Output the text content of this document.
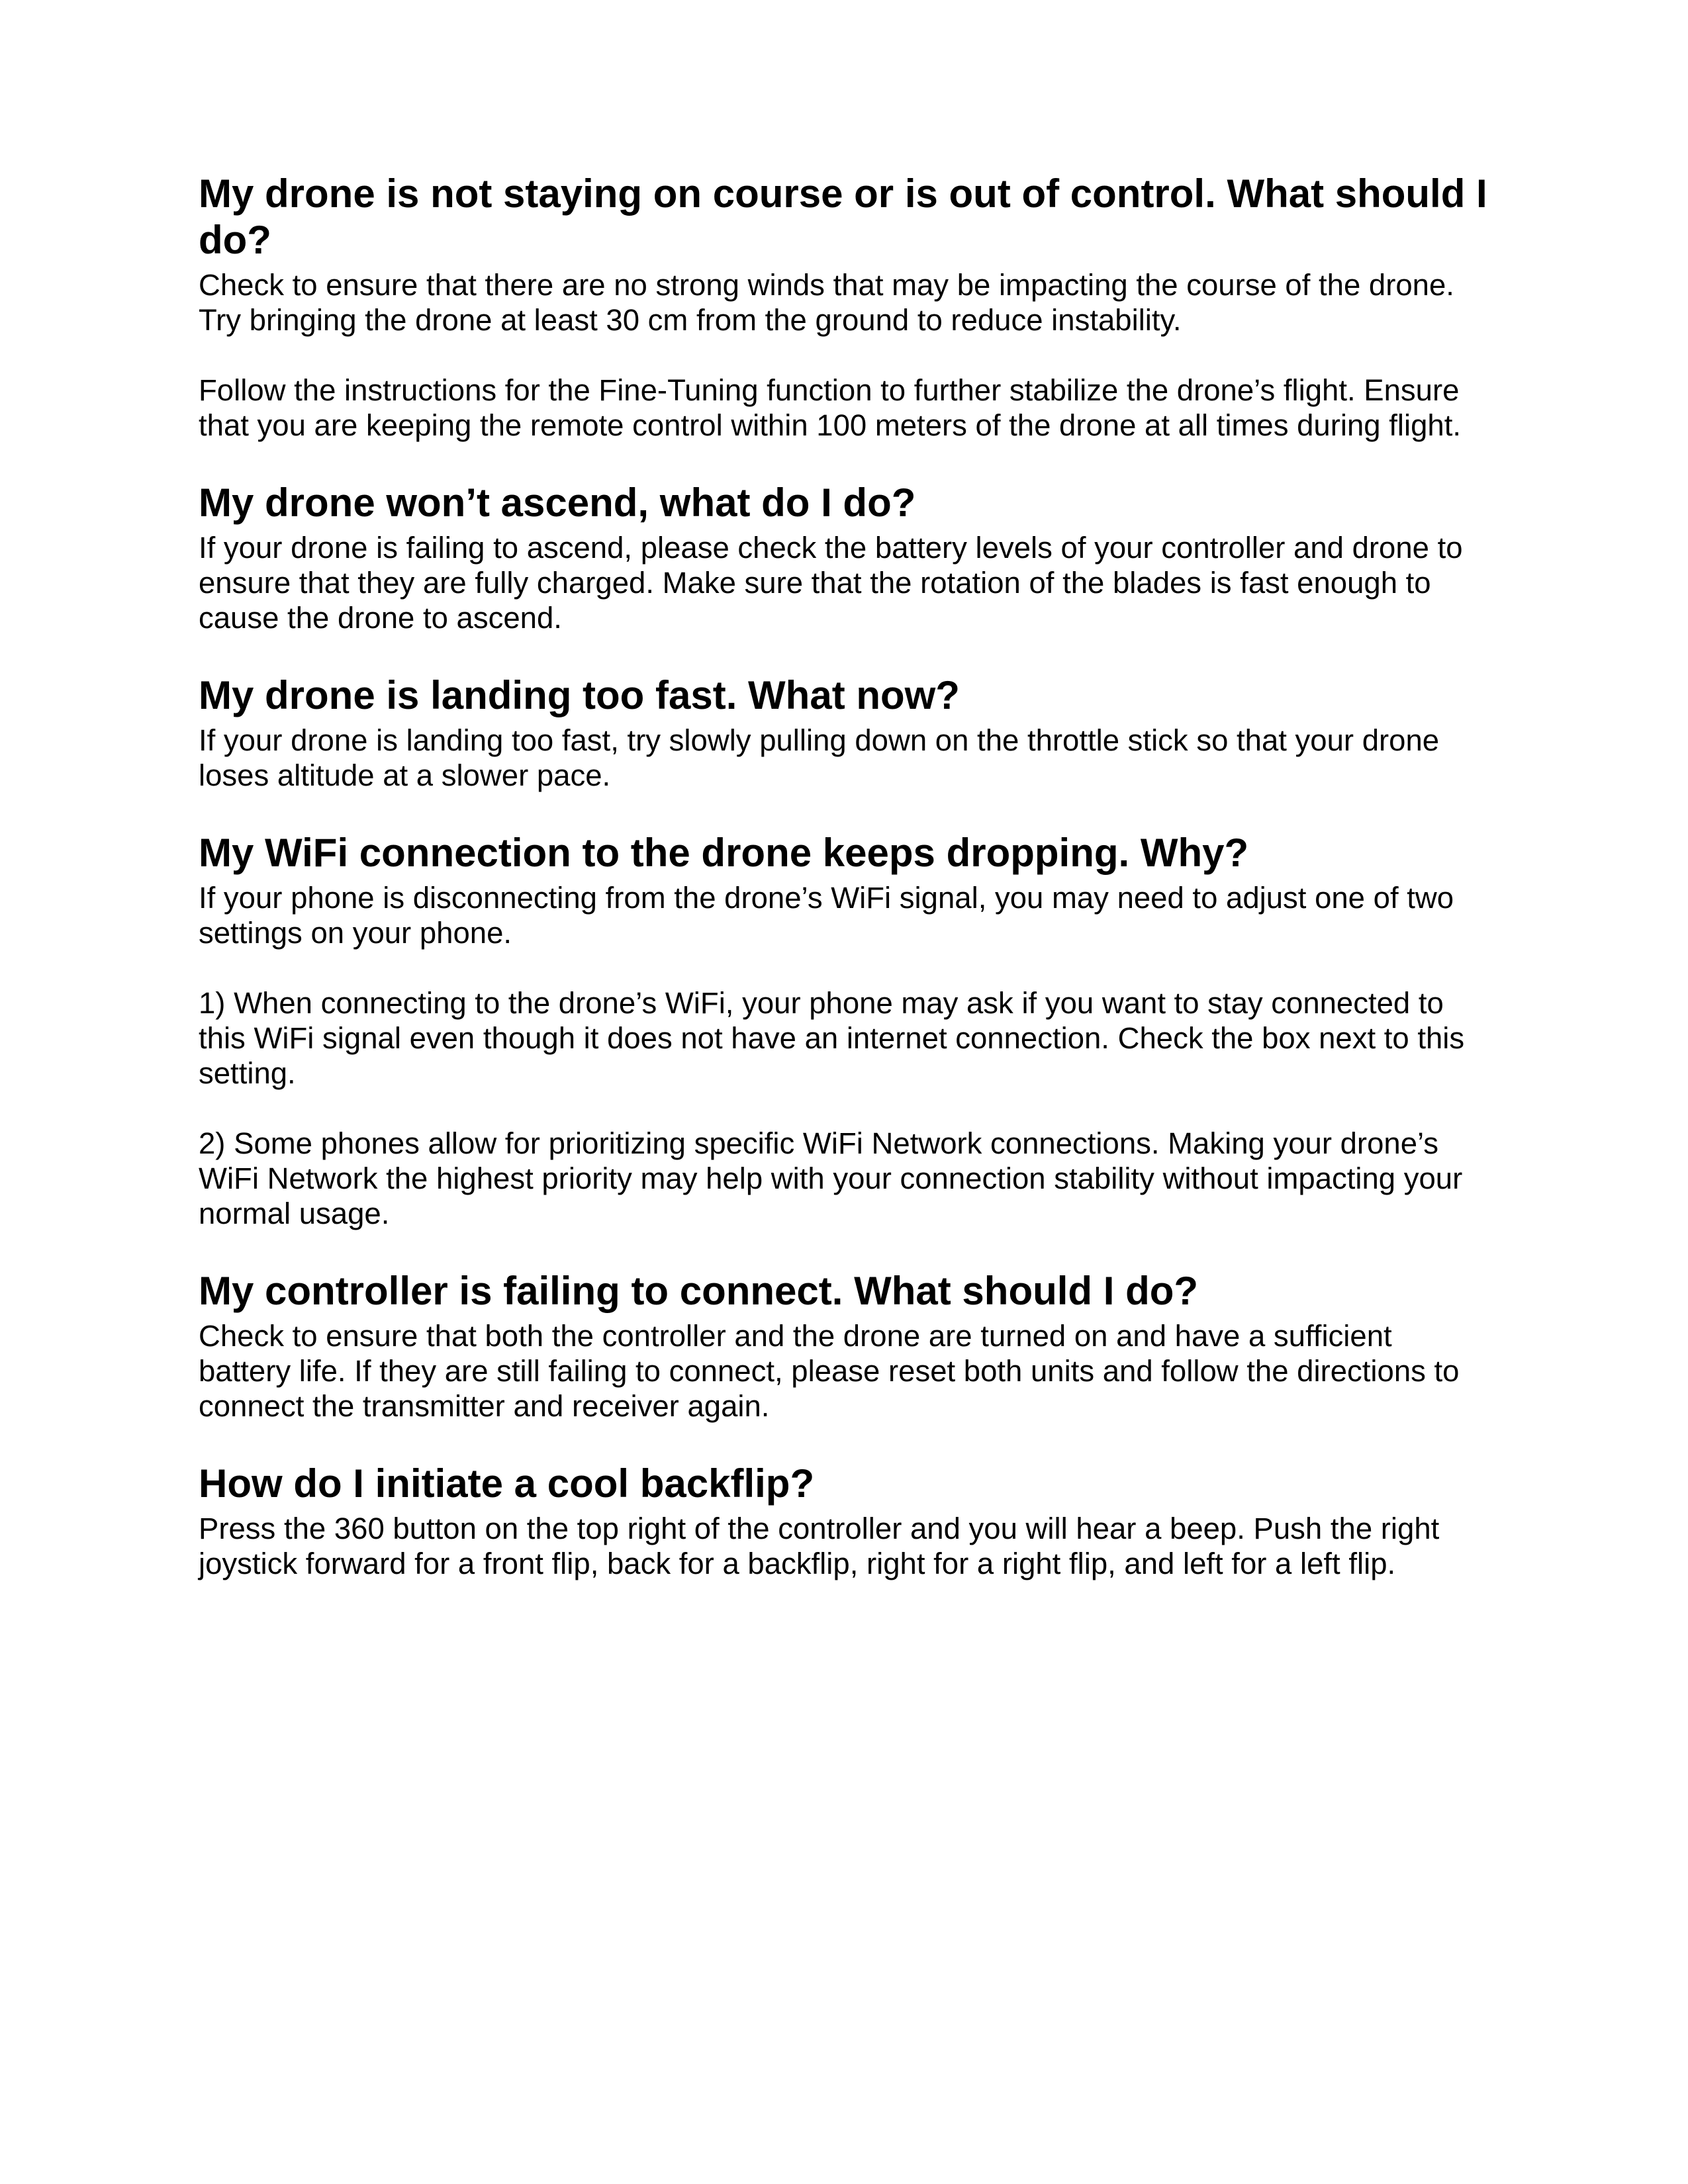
My drone is not staying on course or is out of control. What should I do?

Check to ensure that there are no strong winds that may be impacting the course of the drone. Try bringing the drone at least 30 cm from the ground to reduce instability.

Follow the instructions for the Fine-Tuning function to further stabilize the drone’s flight. Ensure that you are keeping the remote control within 100 meters of the drone at all times during flight.

My drone won’t ascend, what do I do?

If your drone is failing to ascend, please check the battery levels of your controller and drone to ensure that they are fully charged. Make sure that the rotation of the blades is fast enough to cause the drone to ascend.

My drone is landing too fast. What now?

If your drone is landing too fast, try slowly pulling down on the throttle stick so that your drone loses altitude at a slower pace.

My WiFi connection to the drone keeps dropping. Why?

If your phone is disconnecting from the drone’s WiFi signal, you may need to adjust one of two settings on your phone.

1) When connecting to the drone’s WiFi, your phone may ask if you want to stay connected to this WiFi signal even though it does not have an internet connection. Check the box next to this setting.

2) Some phones allow for prioritizing specific WiFi Network connections. Making your drone’s WiFi Network the highest priority may help with your connection stability without impacting your normal usage.

My controller is failing to connect. What should I do?

Check to ensure that both the controller and the drone are turned on and have a sufficient battery life. If they are still failing to connect, please reset both units and follow the directions to connect the transmitter and receiver again.

How do I initiate a cool backflip?

Press the 360 button on the top right of the controller and you will hear a beep. Push the right joystick forward for a front flip, back for a backflip, right for a right flip, and left for a left flip.
